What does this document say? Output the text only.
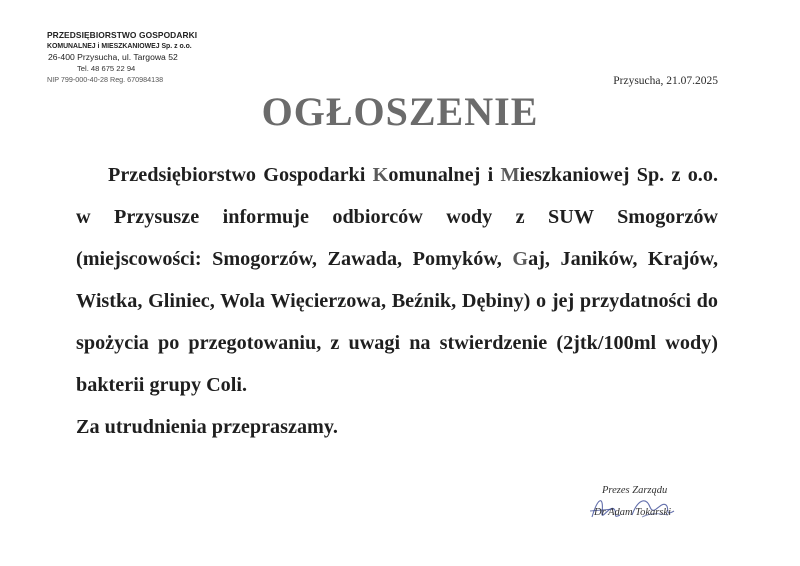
PRZEDSIĘBIORSTWO GOSPODARKI
KOMUNALNEJ i MIESZKANIOWEJ Sp. z o.o.
26-400 Przysucha, ul. Targowa 52
Tel. 48 675 22 94
NIP 799-000-40-28 Reg. 670984138	Przysucha, 21.07.2025
OGŁOSZENIE

Przedsiębiorstwo Gospodarki Komunalnej i Mieszkaniowej Sp. z o.o. w Przysusze informuje odbiorców wody z SUW Smogorzów (miejscowości: Smogorzów, Zawada, Pomyków, Gaj, Janików, Krajów, Wistka, Gliniec, Wola Więcierzowa, Beźnik, Dębiny) o jej przydatności do spożycia po przegotowaniu, z uwagi na stwierdzenie (2jtk/100ml wody) bakterii grupy Coli.

Za utrudnienia przepraszamy.

Prezes Zarządu
Dr Adam Tokarski
